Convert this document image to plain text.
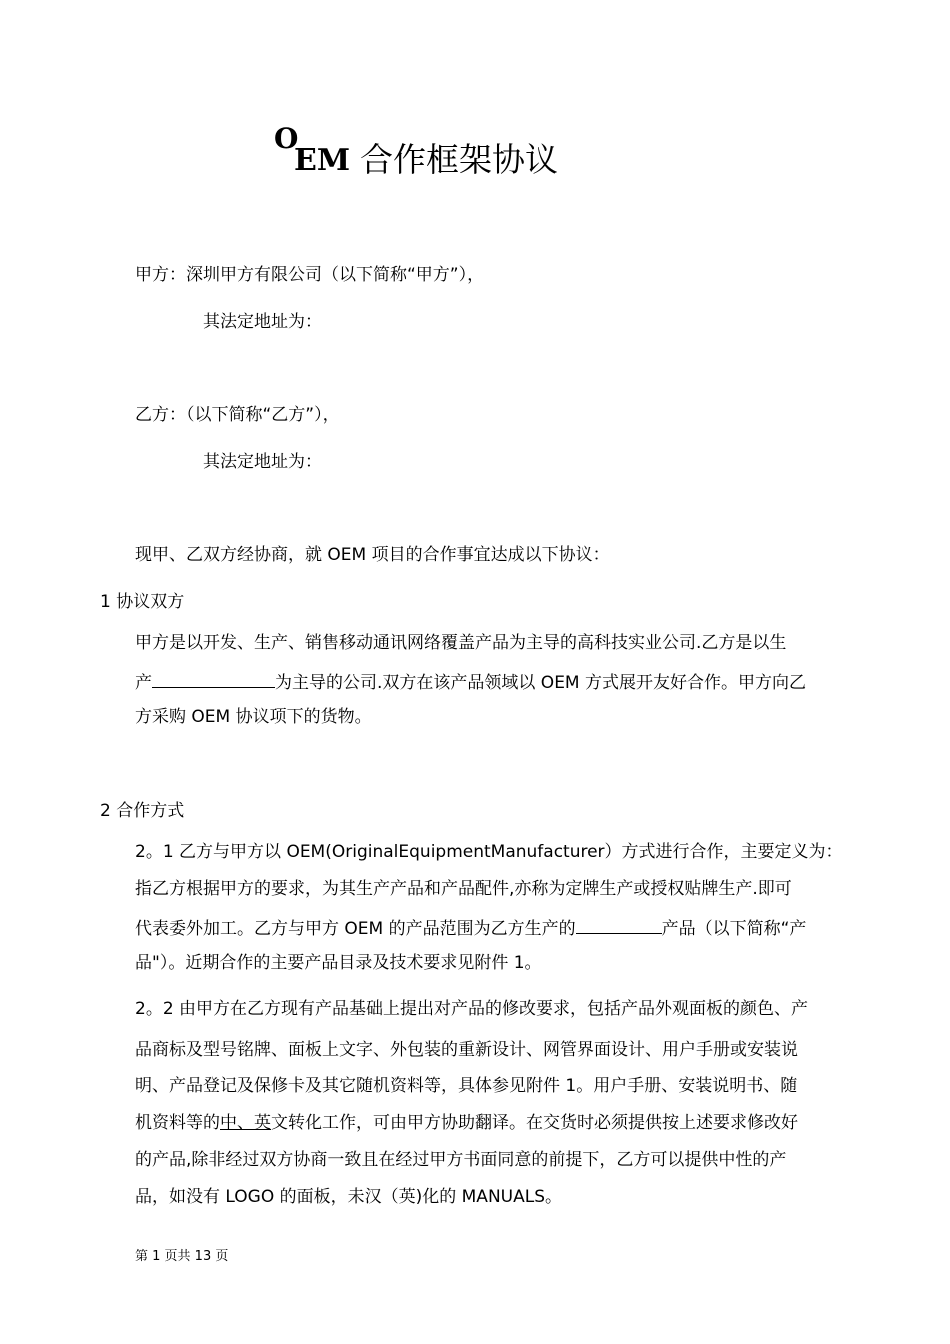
O
EM 合作框架协议
甲方：深圳甲方有限公司（以下简称“甲方”），
其法定地址为：
乙方：（以下简称“乙方”），
其法定地址为：
现甲、乙双方经协商，就 OEM 项目的合作事宜达成以下协议：
1 协议双方
甲方是以开发、生产、销售移动通讯网络覆盖产品为主导的高科技实业公司.乙方是以生
产	为主导的公司.双方在该产品领域以 OEM 方式展开友好合作。甲方向乙
方采购 OEM 协议项下的货物。
2 合作方式
2。1 乙方与甲方以 OEM(OriginalEquipmentManufacturer）方式进行合作，主要定义为：
指乙方根据甲方的要求，为其生产产品和产品配件,亦称为定牌生产或授权贴牌生产.即可
代表委外加工。乙方与甲方 OEM 的产品范围为乙方生产的	产品（以下简称“产
品"）。近期合作的主要产品目录及技术要求见附件 1。
2。2 由甲方在乙方现有产品基础上提出对产品的修改要求，包括产品外观面板的颜色、产
品商标及型号铭牌、面板上文字、外包装的重新设计、网管界面设计、用户手册或安装说
明、产品登记及保修卡及其它随机资料等，具体参见附件 1。用户手册、安装说明书、随
机资料等的中、英文转化工作，可由甲方协助翻译。在交货时必须提供按上述要求修改好
的产品,除非经过双方协商一致且在经过甲方书面同意的前提下，乙方可以提供中性的产
品，如没有 LOGO 的面板，未汉（英)化的 MANUALS。
第 1 页共 13 页
